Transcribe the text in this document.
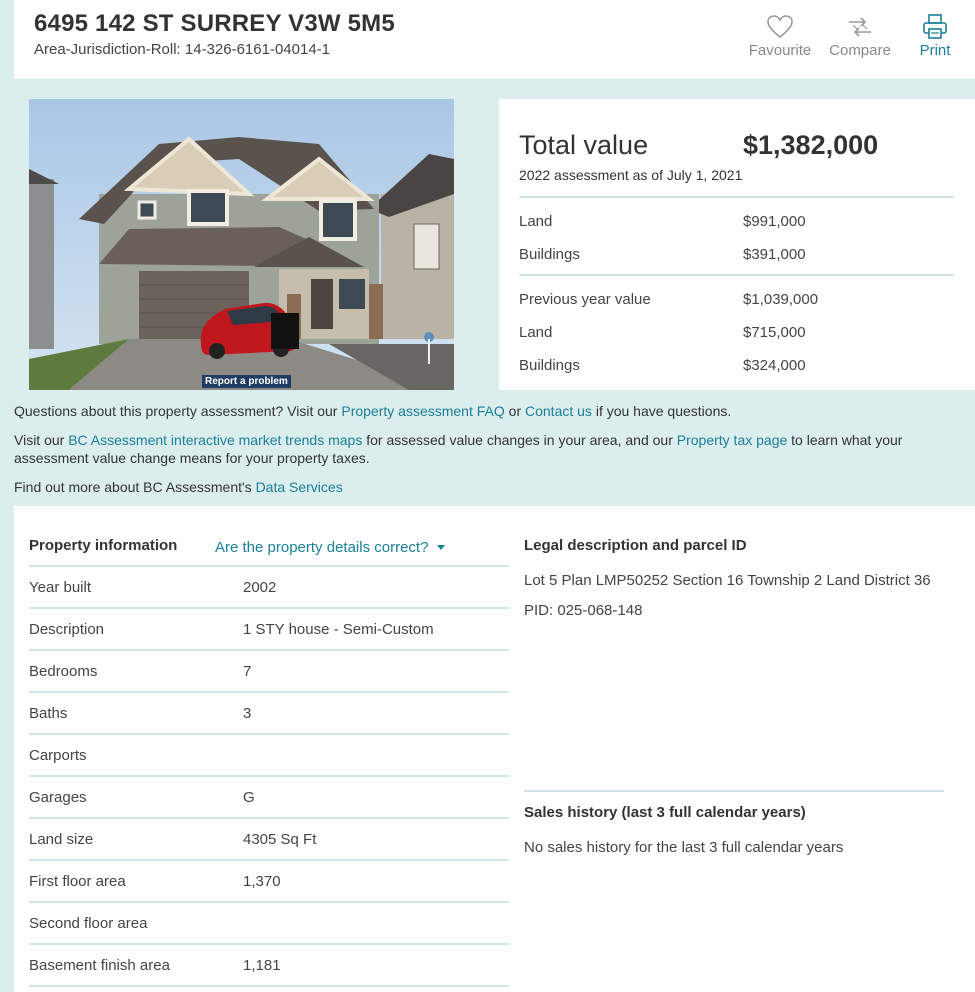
6495 142 ST SURREY V3W 5M5
Area-Jurisdiction-Roll: 14-326-6161-04014-1	Favourite Compare	Print
Report a problem
Total value	$1,382,000
2022 assessment as of July 1, 2021
Land	$991,000
Buildings	$391,000
Previous year value	$1,039,000
Land	$715,000
Buildings	$324,000
Questions about this property assessment? Visit our Property assessment FAQ or Contact us if you have questions.
Visit our BC Assessment interactive market trends maps for assessed value changes in your area, and our Property tax page to learn what your assessment value change means for your property taxes.
Find out more about BC Assessment's Data Services
Property information	Are the property details correct?
Year built	2002
Description	1 STY house - Semi-Custom
Bedrooms	7
Baths	3
Carports
Garages	G
Land size	4305 Sq Ft
First floor area	1,370
Second floor area
Basement finish area	1,181
Legal description and parcel ID
Lot 5 Plan LMP50252 Section 16 Township 2 Land District 36
PID: 025-068-148
Sales history (last 3 full calendar years)
No sales history for the last 3 full calendar years
